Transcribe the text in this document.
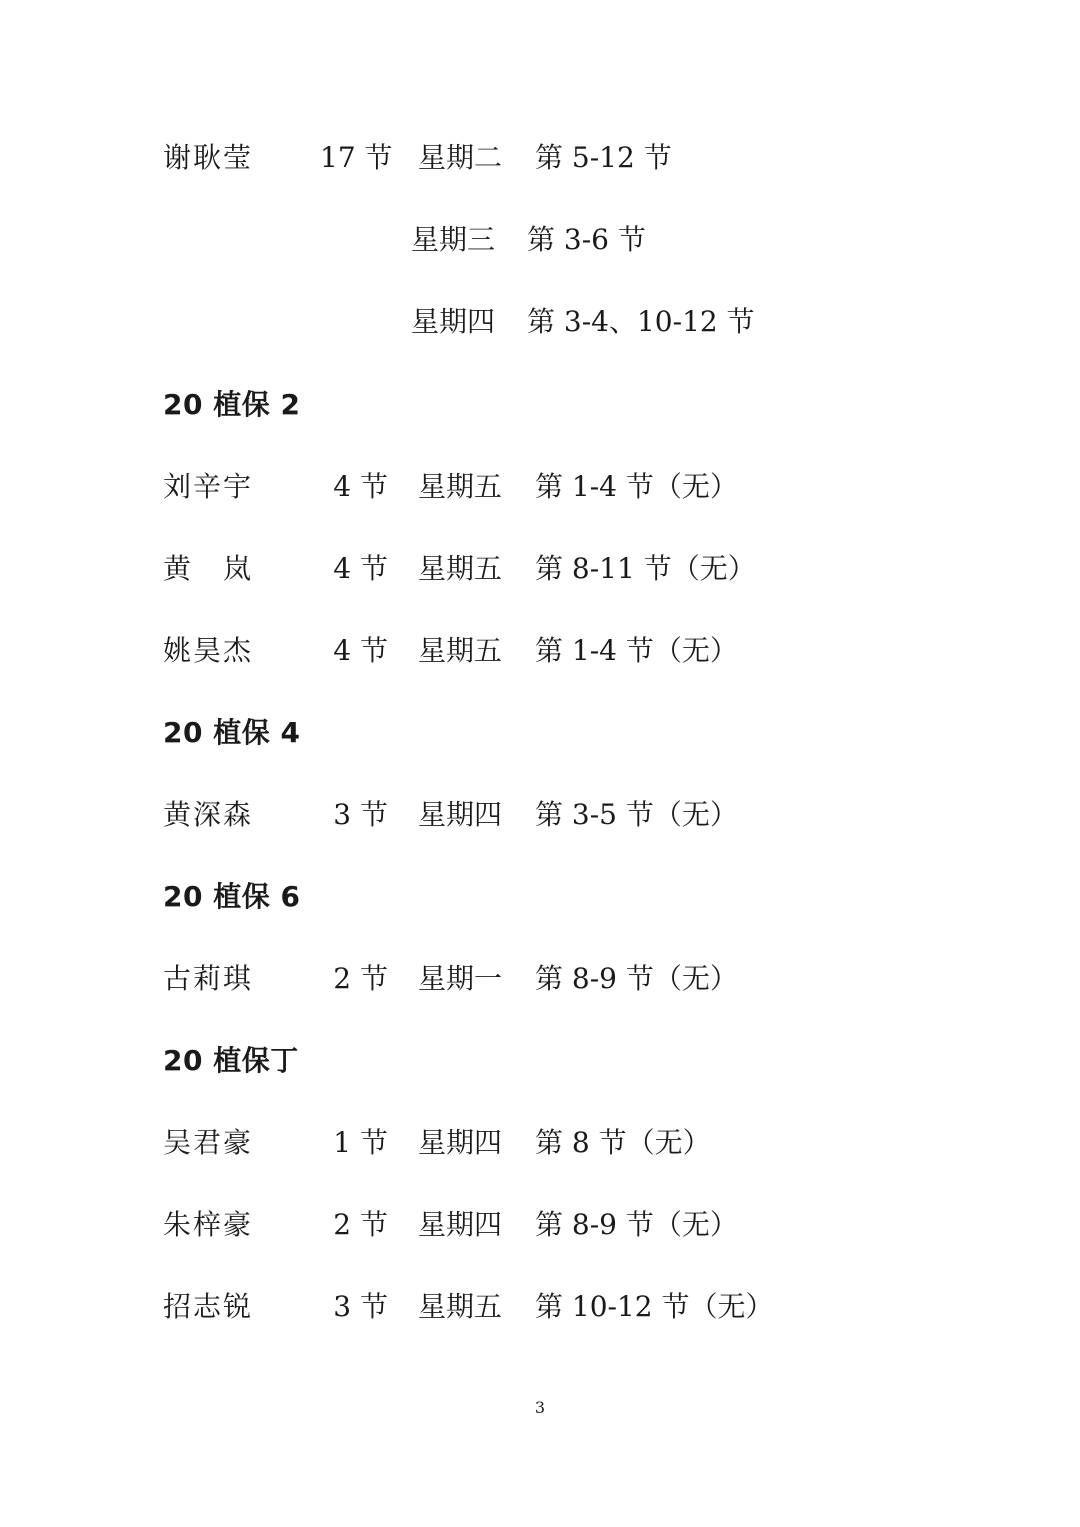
谢耿莹 17 节 星期二 第 5-12 节
星期三 第 3-6 节
星期四 第 3-4、10-12 节
20 植保 2
刘辛宇	4 节 星期五 第 1-4 节（无）
黄　岚	4 节 星期五 第 8-11 节（无）
姚昊杰	4 节 星期五 第 1-4 节（无）
20 植保 4
黄深森	3 节 星期四 第 3-5 节（无）
20 植保 6
古莉琪	2 节 星期一 第 8-9 节（无）
20 植保丁
吴君豪	1 节 星期四 第 8 节（无）
朱梓豪	2 节 星期四 第 8-9 节（无）
招志锐	3 节 星期五 第 10-12 节（无）
3
